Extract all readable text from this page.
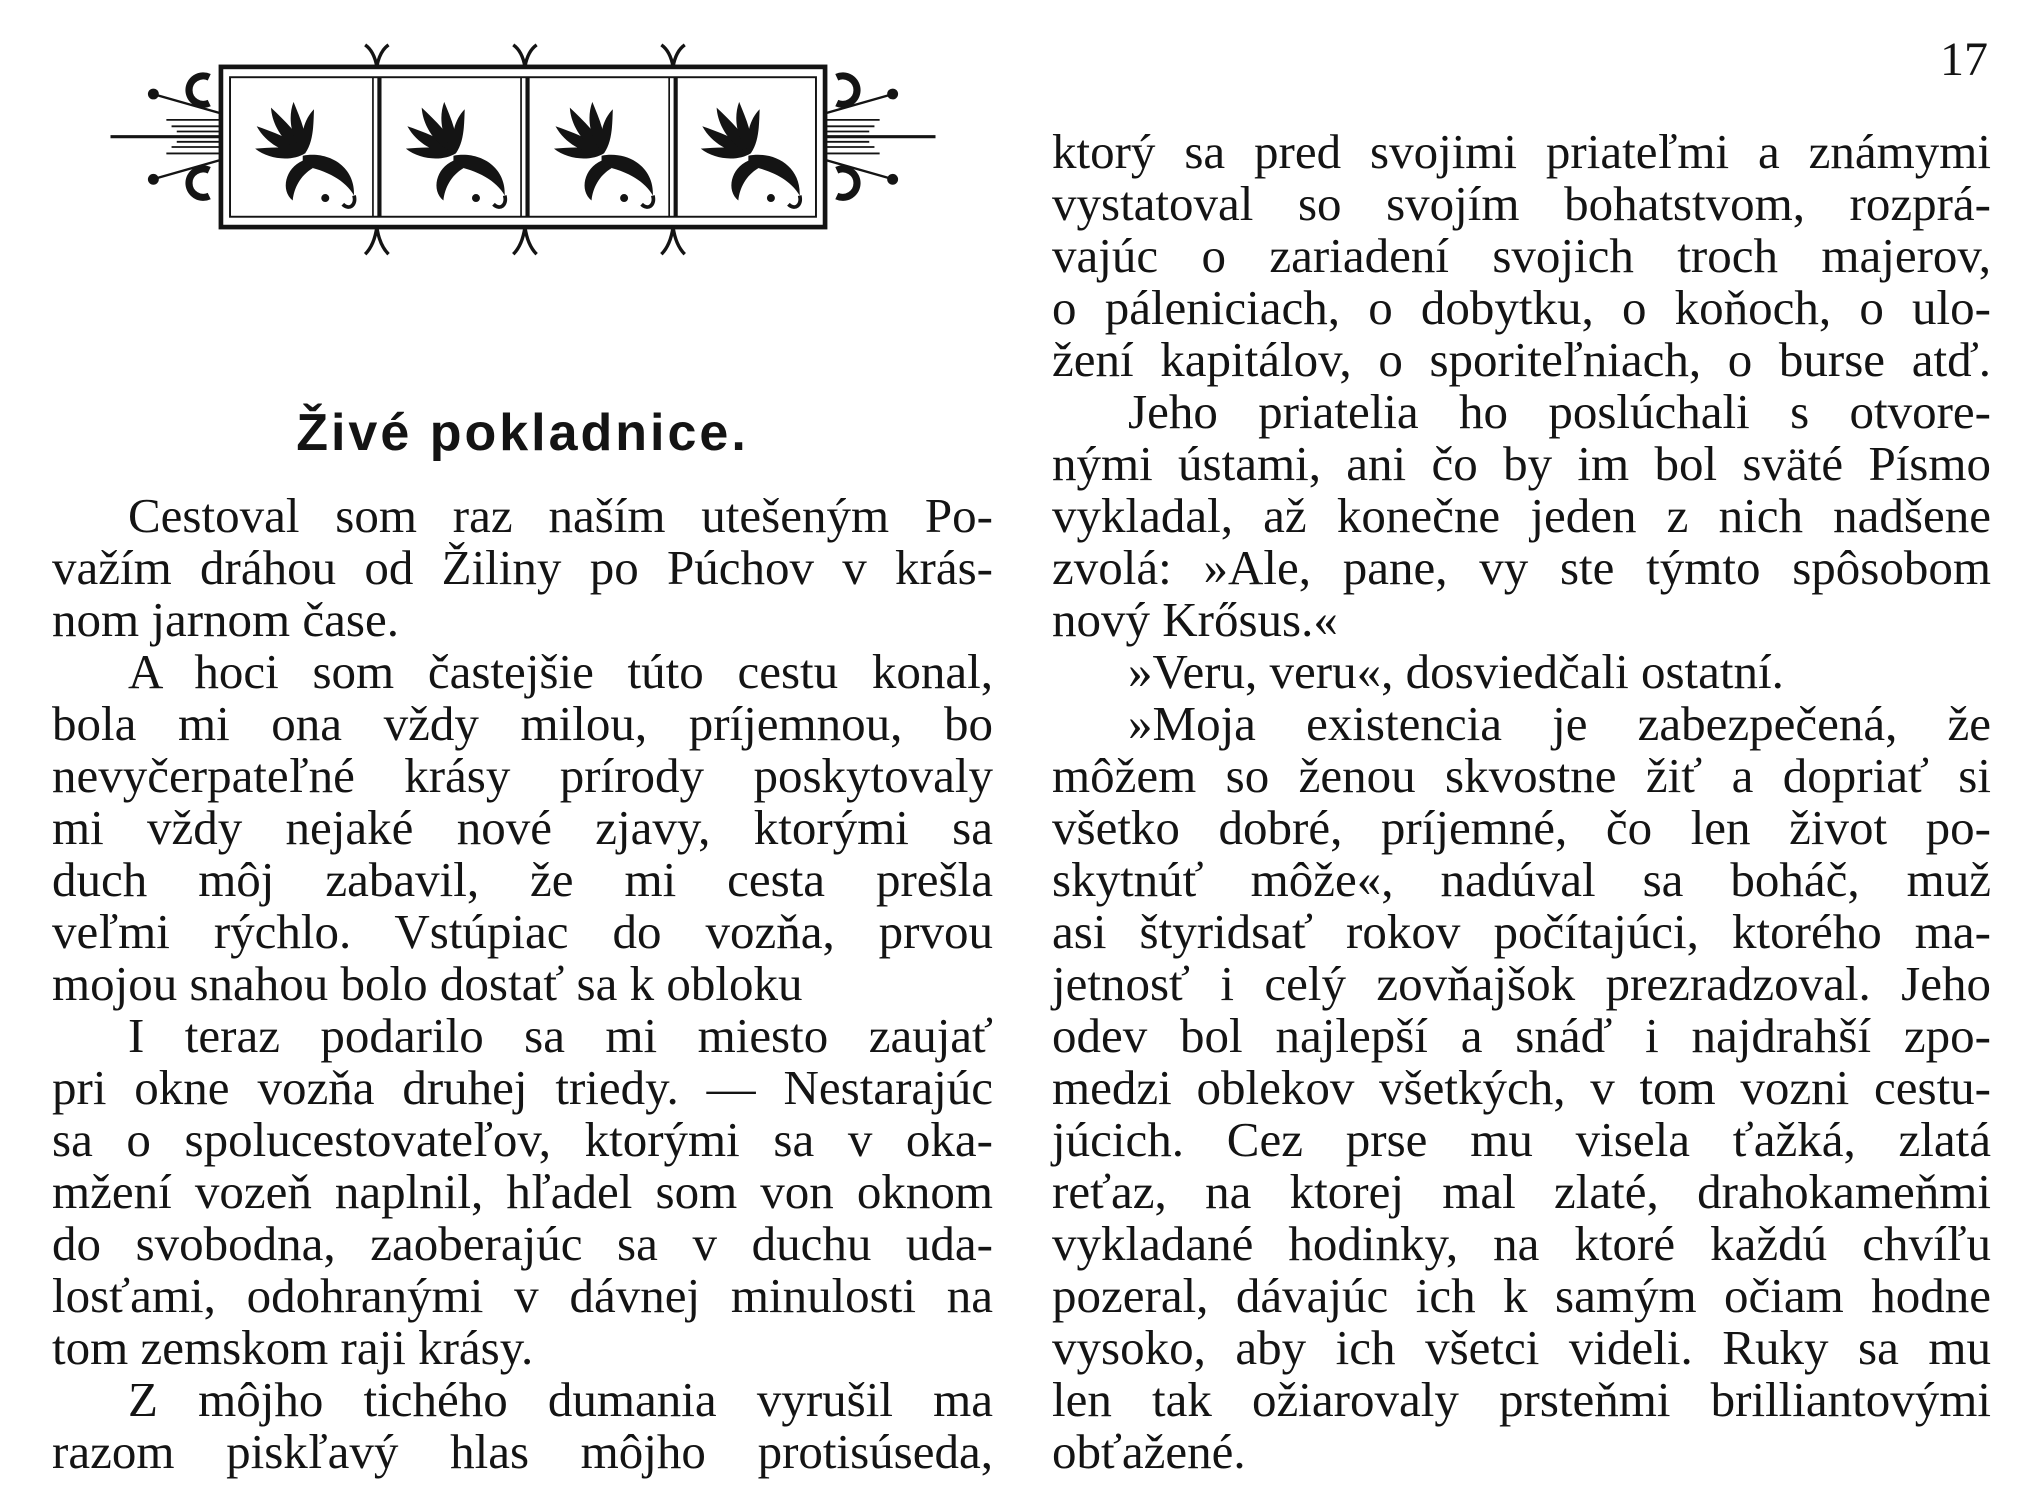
17
Živé pokladnice.
Cestoval som raz naším utešeným Po-
važím dráhou od Žiliny po Púchov v krás-
nom jarnom čase.
A hoci som častejšie túto cestu konal,
bola mi ona vždy milou, príjemnou, bo
nevyčerpateľné krásy prírody poskytovaly
mi vždy nejaké nové zjavy, ktorými sa
duch môj zabavil, že mi cesta prešla
veľmi rýchlo. Vstúpiac do vozňa, prvou
mojou snahou bolo dostať sa k obloku
I teraz podarilo sa mi miesto zaujať
pri okne vozňa druhej triedy. — Nestarajúc
sa o spolucestovateľov, ktorými sa v oka-
mžení vozeň naplnil, hľadel som von oknom
do svobodna, zaoberajúc sa v duchu uda-
losťami, odohranými v dávnej minulosti na
tom zemskom raji krásy.
Z môjho tichého dumania vyrušil ma
razom piskľavý hlas môjho protisúseda,
ktorý sa pred svojimi priateľmi a známymi
vystatoval so svojím bohatstvom, rozprá-
vajúc o zariadení svojich troch majerov,
o páleniciach, o dobytku, o koňoch, o ulo-
žení kapitálov, o sporiteľniach, o burse atď.
Jeho priatelia ho poslúchali s otvore-
nými ústami, ani čo by im bol sväté Písmo
vykladal, až konečne jeden z nich nadšene
zvolá: »Ale, pane, vy ste týmto spôsobom
nový Krősus.«
»Veru, veru«, dosviedčali ostatní.
»Moja existencia je zabezpečená, že
môžem so ženou skvostne žiť a dopriať si
všetko dobré, príjemné, čo len život po-
skytnúť môže«, nadúval sa boháč, muž
asi štyridsať rokov počítajúci, ktorého ma-
jetnosť i celý zovňajšok prezradzoval. Jeho
odev bol najlepší a snáď i najdrahší zpo-
medzi oblekov všetkých, v tom vozni cestu-
júcich. Cez prse mu visela ťažká, zlatá
reťaz, na ktorej mal zlaté, drahokameňmi
vykladané hodinky, na ktoré každú chvíľu
pozeral, dávajúc ich k samým očiam hodne
vysoko, aby ich všetci videli. Ruky sa mu
len tak ožiarovaly prsteňmi brilliantovými
obťažené.
